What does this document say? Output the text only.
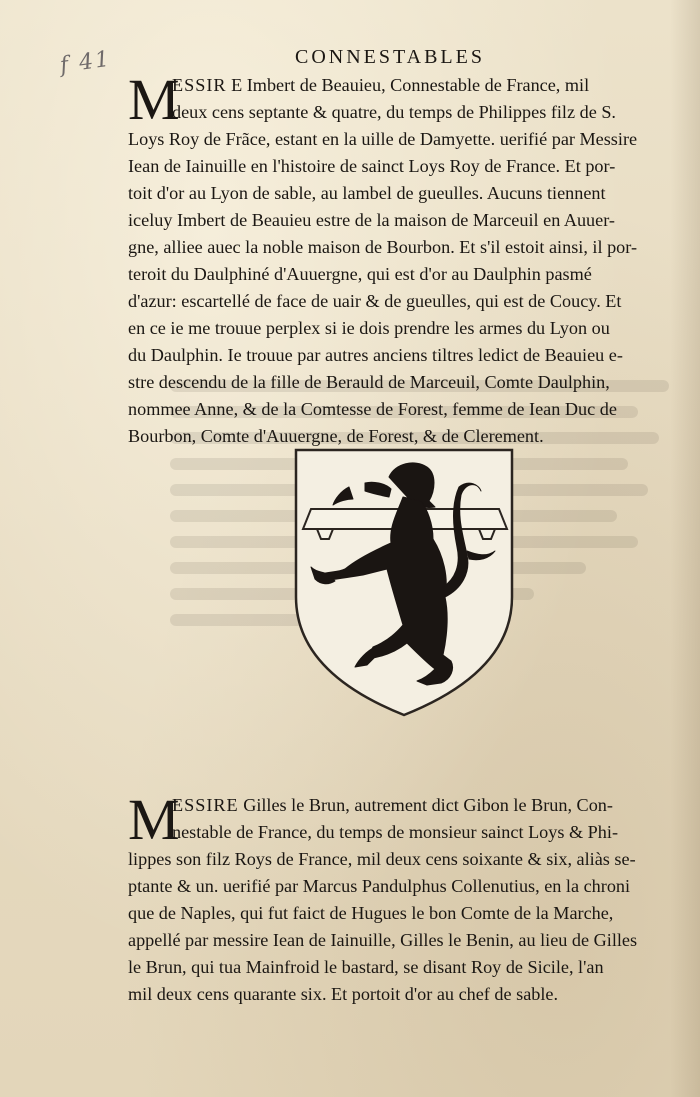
f 41	CONNESTABLES
M
ESSIR E Imbert de Beauieu, Connestable de France, mil
deux cens septante & quatre, du temps de Philippes filz de S.
Loys Roy de Frãce, estant en la uille de Damyette. uerifié par Messire
Iean de Iainuille en l'histoire de sainct Loys Roy de France. Et por-
toit d'or au Lyon de sable, au lambel de gueulles. Aucuns tiennent
iceluy Imbert de Beauieu estre de la maison de Marceuil en Auuer-
gne, alliee auec la noble maison de Bourbon. Et s'il estoit ainsi, il por-
teroit du Daulphiné d'Auuergne, qui est d'or au Daulphin pasmé
d'azur: escartellé de face de uair & de gueulles, qui est de Coucy. Et
en ce ie me trouue perplex si ie dois prendre les armes du Lyon ou
du Daulphin. Ie trouue par autres anciens tiltres ledict de Beauieu e-
stre descendu de la fille de Berauld de Marceuil, Comte Daulphin,
nommee Anne, & de la Comtesse de Forest, femme de Iean Duc de
Bourbon, Comte d'Auuergne, de Forest, & de Clerement.
M
ESSIRE Gilles le Brun, autrement dict Gibon le Brun, Con-
nestable de France, du temps de monsieur sainct Loys & Phi-
lippes son filz Roys de France, mil deux cens soixante & six, aliàs se-
ptante & un. uerifié par Marcus Pandulphus Collenutius, en la chroni
que de Naples, qui fut faict de Hugues le bon Comte de la Marche,
appellé par messire Iean de Iainuille, Gilles le Benin, au lieu de Gilles
le Brun, qui tua Mainfroid le bastard, se disant Roy de Sicile, l'an
mil deux cens quarante six. Et portoit d'or au chef de sable.
